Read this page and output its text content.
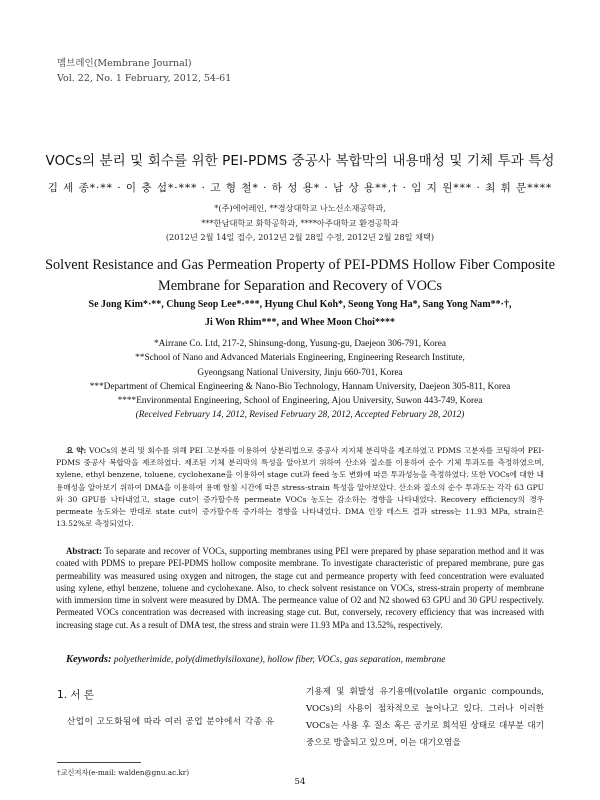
멤브레인(Membrane Journal)
Vol. 22, No. 1 February, 2012, 54-61
VOCs의 분리 및 회수를 위한 PEI-PDMS 중공사 복합막의 내용매성 및 기체 투과 특성
김 세 종*·** · 이 충 섭*·*** · 고 형 철* · 하 성 용* · 남 상 용**,† · 임 지 원*** · 최 휘 문****
*(주)에어레인, **경상대학교 나노신소재공학과,
***한남대학교 화학공학과, ****아주대학교 환경공학과
(2012년 2월 14일 접수, 2012년 2월 28일 수정, 2012년 2월 28일 채택)
Solvent Resistance and Gas Permeation Property of PEI-PDMS Hollow Fiber Composite
Membrane for Separation and Recovery of VOCs
Se Jong Kim*·**, Chung Seop Lee*·***, Hyung Chul Koh*, Seong Yong Ha*, Sang Yong Nam**·†,
Ji Won Rhim***, and Whee Moon Choi****
*Airrane Co. Ltd, 217-2, Shinsung-dong, Yusung-gu, Daejeon 306-791, Korea
**School of Nano and Advanced Materials Engineering, Engineering Research Institute,
Gyeongsang National University, Jinju 660-701, Korea
***Department of Chemical Engineering & Nano-Bio Technology, Hannam University, Daejeon 305-811, Korea
****Environmental Engineering, School of Engineering, Ajou University, Suwon 443-749, Korea
(Received February 14, 2012, Revised February 28, 2012, Accepted February 28, 2012)
요 약: VOCs의 분리 및 회수를 위해 PEI 고분자를 이용하여 상분리법으로 중공사 지지체 분리막을 제조하였고 PDMS 고분자를 코팅하여 PEI-PDMS 중공사 복합막을 제조하였다. 제조된 기체 분리막의 특성을 알아보기 위하여 산소와 질소를 이용하여 순수 기체 투과도를 측정하였으며, xylene, ethyl benzene, toluene, cyclohexane을 이용하여 stage cut과 feed 농도 변화에 따른 투과성능을 측정하였다. 또한 VOCs에 대한 내용매성을 알아보기 위하여 DMA을 이용하여 용매 함침 시간에 따른 stress-strain 특성을 알아보았다. 산소와 질소의 순수 투과도는 각각 63 GPU와 30 GPU를 나타내었고, stage cut이 증가할수록 permeate VOCs 농도는 감소하는 경향을 나타내었다. Recovery efficiency의 경우 permeate 농도와는 반대로 state cut이 증가할수록 증가하는 경향을 나타내었다. DMA 인장 테스트 결과 stress는 11.93 MPa, strain은 13.52%로 측정되었다.
Abstract: To separate and recover of VOCs, supporting membranes using PEI were prepared by phase separation method and it was coated with PDMS to prepare PEI-PDMS hollow composite membrane. To investigate characteristic of prepared membrane, pure gas permeability was measured using oxygen and nitrogen, the stage cut and permeance property with feed concentration were evaluated using xylene, ethyl benzene, toluene and cyclohexane. Also, to check solvent resistance on VOCs, stress-strain property of membrane with immersion time in solvent were measured by DMA. The permeance value of O2 and N2 showed 63 GPU and 30 GPU respectively. Permeated VOCs concentration was decreased with increasing stage cut. But, conversely, recovery efficiency that was increased with increasing stage cut. As a result of DMA test, the stress and strain were 11.93 MPa and 13.52%, respectively.
Keywords: polyetherimide, poly(dimethylsiloxane), hollow fiber, VOCs, gas separation, membrane
1. 서 론
산업이 고도화됨에 따라 여러 공업 분야에서 각종 유
기용제 및 휘발성 유기용매(volatile organic compounds, VOCs)의 사용이 점차적으로 늘어나고 있다. 그러나 이러한 VOCs는 사용 후 질소 혹은 공기로 희석된 상태로 대부분 대기 중으로 방출되고 있으며, 이는 대기오염을
†교신저자(e-mail: walden@gnu.ac.kr)
54
